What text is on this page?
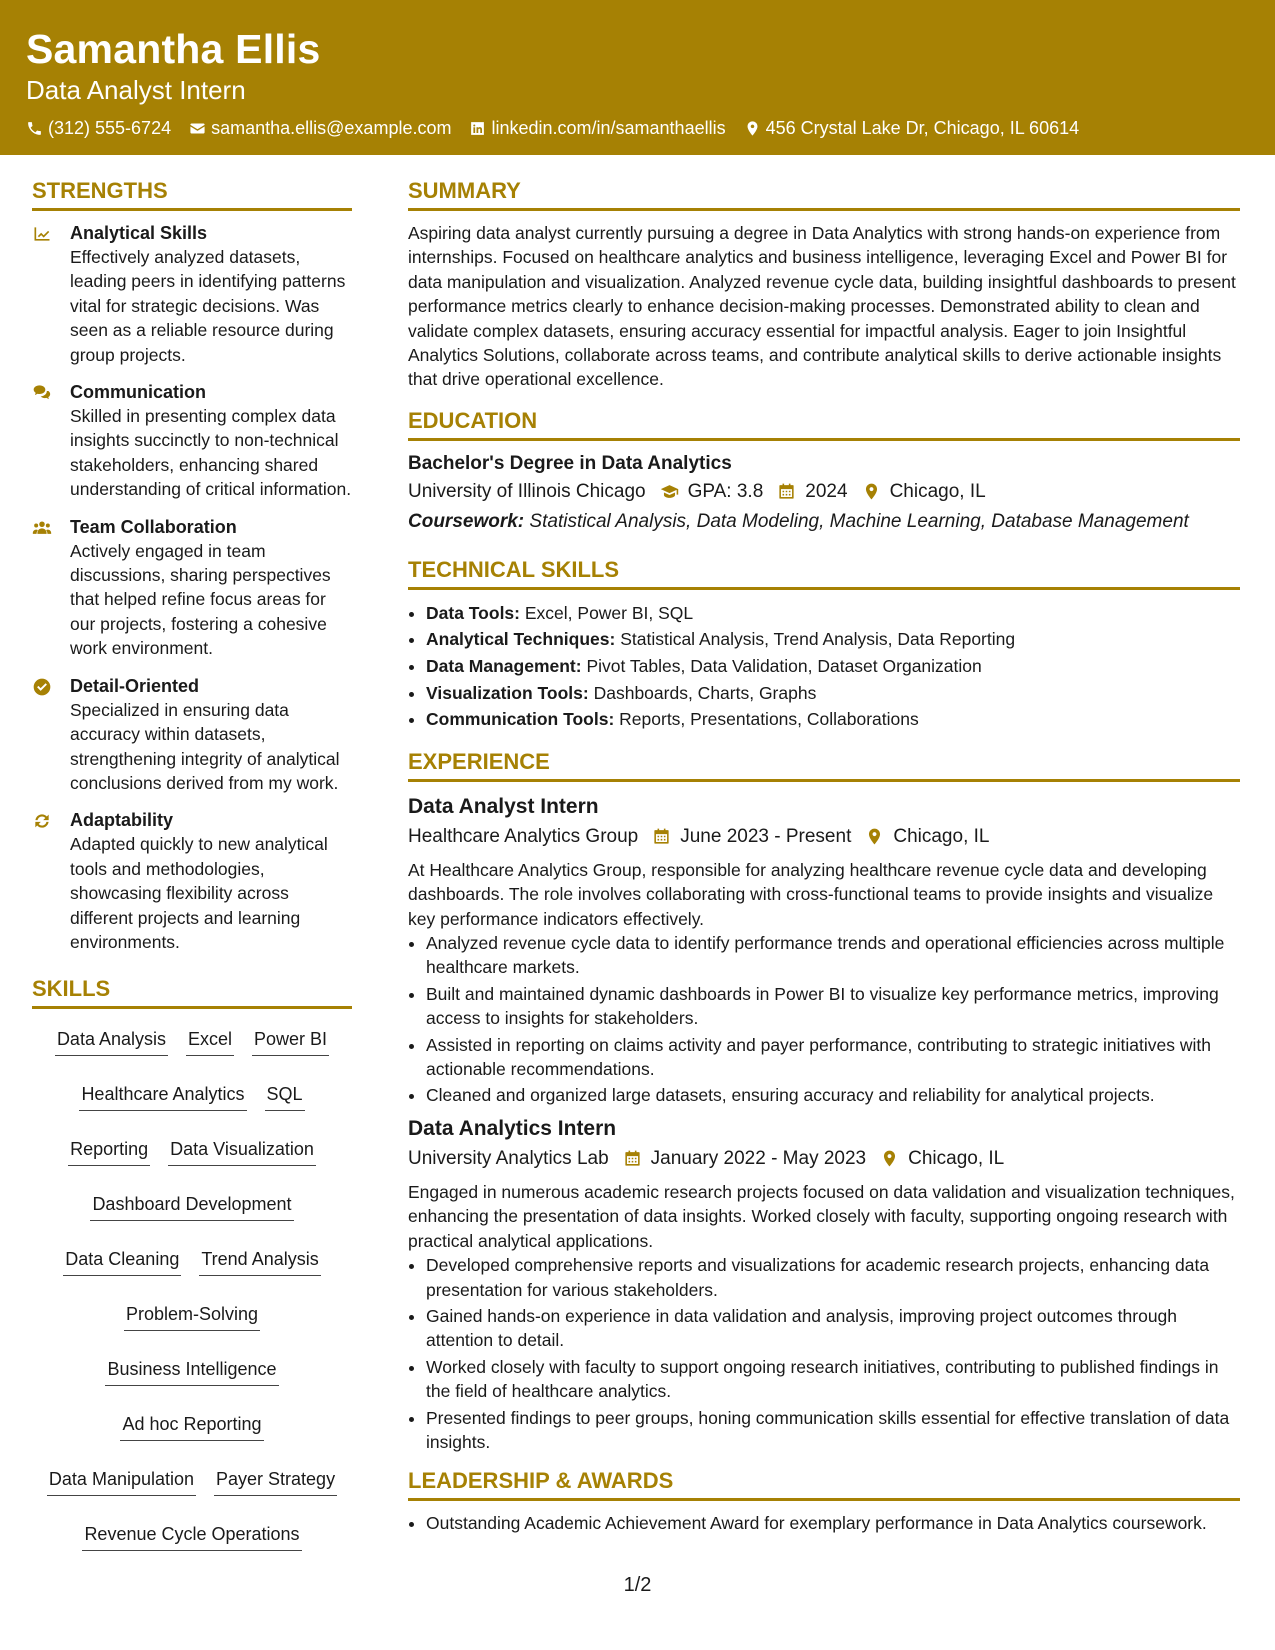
Samantha Ellis
Data Analyst Intern
(312) 555-6724 samantha.ellis@example.com linkedin.com/in/samanthaellis 456 Crystal Lake Dr, Chicago, IL 60614
STRENGTHS
Analytical Skills
Effectively analyzed datasets, leading peers in identifying patterns vital for strategic decisions. Was seen as a reliable resource during group projects.
Communication
Skilled in presenting complex data insights succinctly to non-technical stakeholders, enhancing shared understanding of critical information.
Team Collaboration
Actively engaged in team discussions, sharing perspectives that helped refine focus areas for our projects, fostering a cohesive work environment.
Detail-Oriented
Specialized in ensuring data accuracy within datasets, strengthening integrity of analytical conclusions derived from my work.
Adaptability
Adapted quickly to new analytical tools and methodologies, showcasing flexibility across different projects and learning environments.
SKILLS
Data Analysis Excel Power BI
Healthcare Analytics SQL
Reporting Data Visualization
Dashboard Development
Data Cleaning Trend Analysis
Problem-Solving
Business Intelligence
Ad hoc Reporting
Data Manipulation Payer Strategy
Revenue Cycle Operations
SUMMARY

Aspiring data analyst currently pursuing a degree in Data Analytics with strong hands-on experience from internships. Focused on healthcare analytics and business intelligence, leveraging Excel and Power BI for data manipulation and visualization. Analyzed revenue cycle data, building insightful dashboards to present performance metrics clearly to enhance decision-making processes. Demonstrated ability to clean and validate complex datasets, ensuring accuracy essential for impactful analysis. Eager to join Insightful Analytics Solutions, collaborate across teams, and contribute analytical skills to derive actionable insights that drive operational excellence.

EDUCATION
Bachelor's Degree in Data Analytics
University of Illinois Chicago GPA: 3.8 2024 Chicago, IL
Coursework: Statistical Analysis, Data Modeling, Machine Learning, Database Management
TECHNICAL SKILLS
• Data Tools: Excel, Power BI, SQL
• Analytical Techniques: Statistical Analysis, Trend Analysis, Data Reporting
• Data Management: Pivot Tables, Data Validation, Dataset Organization
• Visualization Tools: Dashboards, Charts, Graphs
• Communication Tools: Reports, Presentations, Collaborations
EXPERIENCE
Data Analyst Intern
Healthcare Analytics Group June 2023 - Present Chicago, IL

At Healthcare Analytics Group, responsible for analyzing healthcare revenue cycle data and developing dashboards. The role involves collaborating with cross-functional teams to provide insights and visualize key performance indicators effectively.

• Analyzed revenue cycle data to identify performance trends and operational efficiencies across multiple healthcare markets.
• Built and maintained dynamic dashboards in Power BI to visualize key performance metrics, improving access to insights for stakeholders.
• Assisted in reporting on claims activity and payer performance, contributing to strategic initiatives with actionable recommendations.
• Cleaned and organized large datasets, ensuring accuracy and reliability for analytical projects.
Data Analytics Intern
University Analytics Lab January 2022 - May 2023 Chicago, IL

Engaged in numerous academic research projects focused on data validation and visualization techniques, enhancing the presentation of data insights. Worked closely with faculty, supporting ongoing research with practical analytical applications.

• Developed comprehensive reports and visualizations for academic research projects, enhancing data presentation for various stakeholders.
• Gained hands-on experience in data validation and analysis, improving project outcomes through attention to detail.
• Worked closely with faculty to support ongoing research initiatives, contributing to published findings in the field of healthcare analytics.
• Presented findings to peer groups, honing communication skills essential for effective translation of data insights.
LEADERSHIP & AWARDS
• Outstanding Academic Achievement Award for exemplary performance in Data Analytics coursework.
1/2
